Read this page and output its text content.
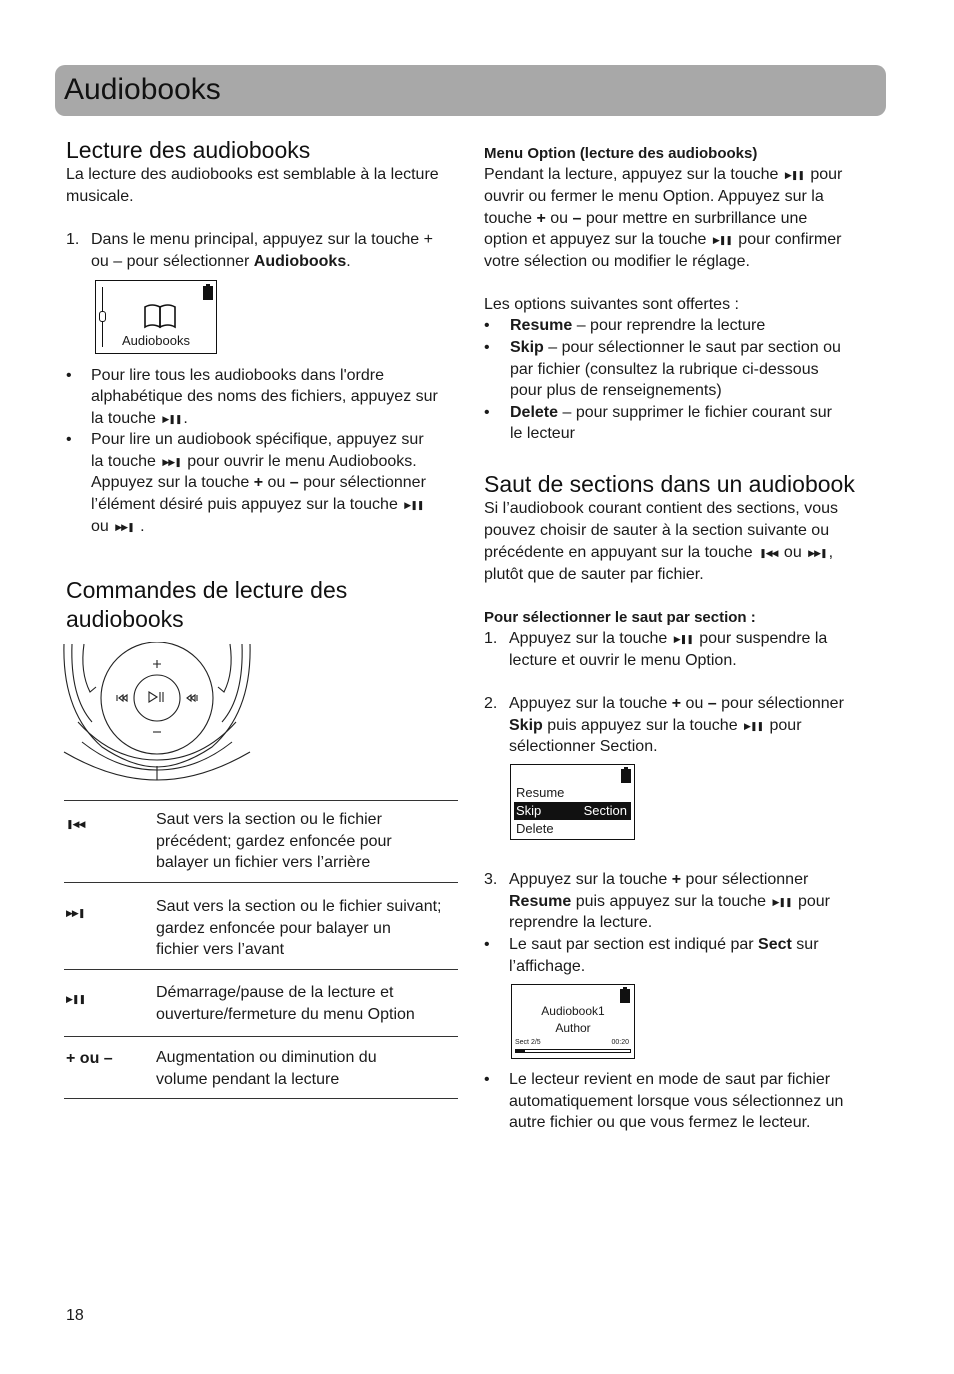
Audiobooks
Lecture des audiobooks

La lecture des audiobooks est semblable à la lecture

musicale.

1. Dans le menu principal, appuyez sur la touche +
ou – pour sélectionner Audiobooks.
Audiobooks
• Pour lire tous les audiobooks dans l'ordre
alphabétique des noms des fichiers, appuyez sur
la touche ▶❚❚ .
• Pour lire un audiobook spécifique, appuyez sur
la touche ▶▶❚ pour ouvrir le menu Audiobooks.
Appuyez sur la touche + ou – pour sélectionner
l’élément désiré puis appuyez sur la touche ▶❚❚
ou ▶▶❚ .
Commandes de lecture des
audiobooks
❚◀◀	Saut vers la section ou le fichier
précédent; gardez enfoncée pour
balayer un fichier vers l’arrière
▶▶❚	Saut vers la section ou le fichier suivant;
gardez enfoncée pour balayer un
fichier vers l’avant
▶❚❚	Démarrage/pause de la lecture et
ouverture/fermeture du menu Option
+ ou –	Augmentation ou diminution du
volume pendant la lecture

18

Menu Option (lecture des audiobooks)

Pendant la lecture, appuyez sur la touche ▶❚❚ pour

ouvrir ou fermer le menu Option. Appuyez sur la

touche + ou – pour mettre en surbrillance une

option et appuyez sur la touche ▶❚❚ pour confirmer

votre sélection ou modifier le réglage.

Les options suivantes sont offertes :

• Resume – pour reprendre la lecture
• Skip – pour sélectionner le saut par section ou
par fichier (consultez la rubrique ci-dessous
pour plus de renseignements)
• Delete – pour supprimer le fichier courant sur
le lecteur
Saut de sections dans un audiobook

Si l’audiobook courant contient des sections, vous

pouvez choisir de sauter à la section suivante ou

précédente en appuyant sur la touche ❚◀◀ ou ▶▶❚ ,

plutôt que de sauter par fichier.

Pour sélectionner le saut par section :
1. Appuyez sur la touche ▶❚❚ pour suspendre la
lecture et ouvrir le menu Option.
2. Appuyez sur la touche + ou – pour sélectionner
Skip puis appuyez sur la touche ▶❚❚ pour
sélectionner Section.
Resume
Skip	Section
Delete
3. Appuyez sur la touche + pour sélectionner
Resume puis appuyez sur la touche ▶❚❚ pour
reprendre la lecture.
• Le saut par section est indiqué par Sect sur
l’affichage.
Audiobook1
Author
Sect 2/5	00:20
• Le lecteur revient en mode de saut par fichier
automatiquement lorsque vous sélectionnez un
autre fichier ou que vous fermez le lecteur.
